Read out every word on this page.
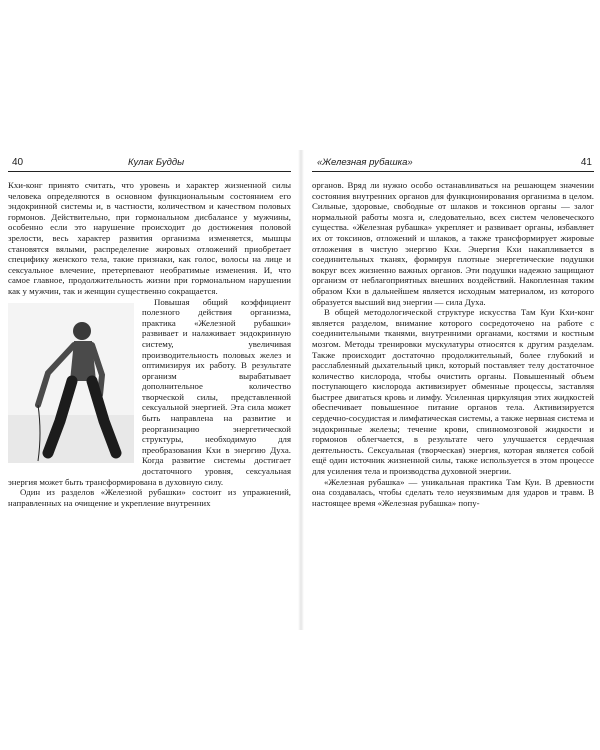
40	Кулак Будды

Кхи-конг принято считать, что уровень и характер жизненной силы человека определяются в основном функциональным состоянием его эндокринной системы и, в частности, количеством и качеством половых гормонов. Действительно, при гормональном дисбалансе у мужчины, особенно если это нарушение происходит до достижения половой зрелости, весь характер развития организма изменяется, мышцы становятся вялыми, распределение жировых отложений приобретает специфику женского тела, такие признаки, как голос, волосы на лице и сексуальное влечение, претерпевают необратимые изменения. И, что самое главное, продолжительность жизни при гормональном нарушении как у мужчин, так и женщин существенно сокращается.

Повышая общий коэффициент полезного действия организма, практика «Железной рубашки» развивает и налаживает эндокринную систему, увеличивая производительность половых желез и оптимизируя их работу. В результате организм вырабатывает дополнительное количество творческой силы, представленной сексуальной энергией. Эта сила может быть направлена на развитие и реорганизацию энергетической структуры, необходимую для преобразования Кхи в энергию Духа. Когда развитие системы достигает достаточного уровня, сексуальная энергия может быть трансформирована в духовную силу.

Один из разделов «Железной рубашки» состоит из упражнений, направленных на очищение и укрепление внутренних

«Железная рубашка»	41

органов. Вряд ли нужно особо останавливаться на решающем значении состояния внутренних органов для функционирования организма в целом. Сильные, здоровые, свободные от шлаков и токсинов органы — залог нормальной работы мозга и, следовательно, всех систем человеческого существа. «Железная рубашка» укрепляет и развивает органы, избавляет их от токсинов, отложений и шлаков, а также трансформирует жировые отложения в чистую энергию Кхи. Энергия Кхи накапливается в соединительных тканях, формируя плотные энергетические подушки вокруг всех жизненно важных органов. Эти подушки надежно защищают организм от неблагоприятных внешних воздействий. Накопленная таким образом Кхи в дальнейшем является исходным материалом, из которого образуется высший вид энергии — сила Духа.

В общей методологической структуре искусства Там Куи Кхи-конг является разделом, внимание которого сосредоточено на работе с соединительными тканями, внутренними органами, костями и костным мозгом. Методы тренировки мускулатуры относятся к другим разделам. Также происходит достаточно продолжительный, более глубокий и расслабленный дыхательный цикл, который поставляет телу достаточное количество кислорода, чтобы очистить органы. Повышенный объем поступающего кислорода активизирует обменные процессы, заставляя быстрее двигаться кровь и лимфу. Усиленная циркуляция этих жидкостей обеспечивает повышенное питание органов тела. Активизируется сердечно-сосудистая и лимфатическая системы, а также нервная система и эндокринные железы; течение крови, спинномозговой жидкости и гормонов облегчается, в результате чего улучшается сердечная деятельность. Сексуальная (творческая) энергия, которая является собой ещё один источник жизненной силы, также используется в этом процессе для усиления тела и производства духовной энергии.

«Железная рубашка» — уникальная практика Там Куи. В древности она создавалась, чтобы сделать тело неуязвимым для ударов и травм. В настоящее время «Железная рубашка» попу-
